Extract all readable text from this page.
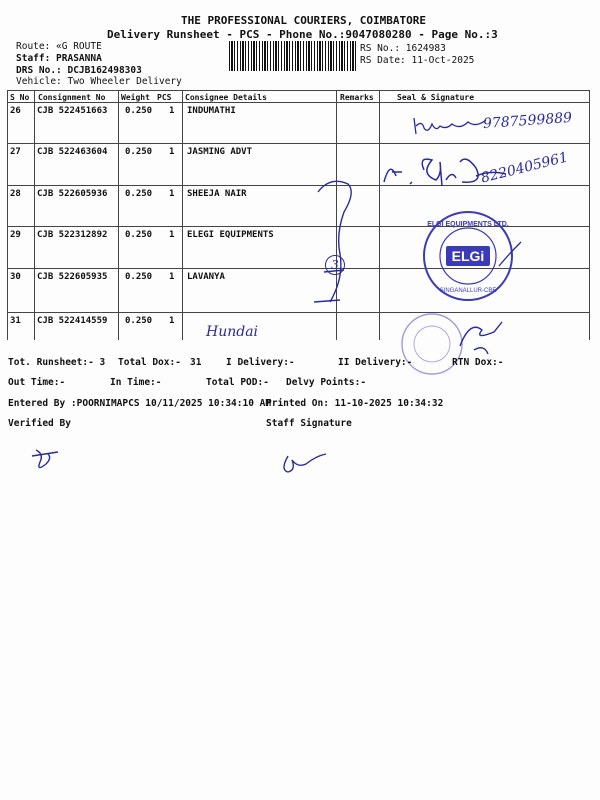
THE PROFESSIONAL COURIERS, COIMBATORE
Delivery Runsheet - PCS - Phone No.:9047080280 - Page No.:3
Route: «G ROUTE
Staff: PRASANNA
DRS No.: DCJB162498303
Vehicle: Two Wheeler Delivery
RS No.: 1624983
RS Date: 11-Oct-2025
S No Consignment No Weight PCS Consignee Details	Remarks	Seal & Signature
26 CJB 522451663 0.250 1 INDUMATHI
27 CJB 522463604 0.250 1 JASMING ADVT
28 CJB 522605936 0.250 1 SHEEJA NAIR
29 CJB 522312892 0.250 1 ELEGI EQUIPMENTS
30 CJB 522605935 0.250 1 LAVANYA
31 CJB 522414559 0.250 1
9787599889
8220405961
3
ELGi
ELGI EQUIPMENTS LTD.
SINGANALLUR-CBE
Hundai
Tot. Runsheet:- 3 Total Dox:- 31	I Delivery:-	II Delivery:-	RTN Dox:-
Out Time:-	In Time:-	Total POD:- Delvy Points:-
Entered By :POORNIMAPCS 10/11/2025 10:34:10 AM
Printed On: 11-10-2025 10:34:32
Verified By	Staff Signature
